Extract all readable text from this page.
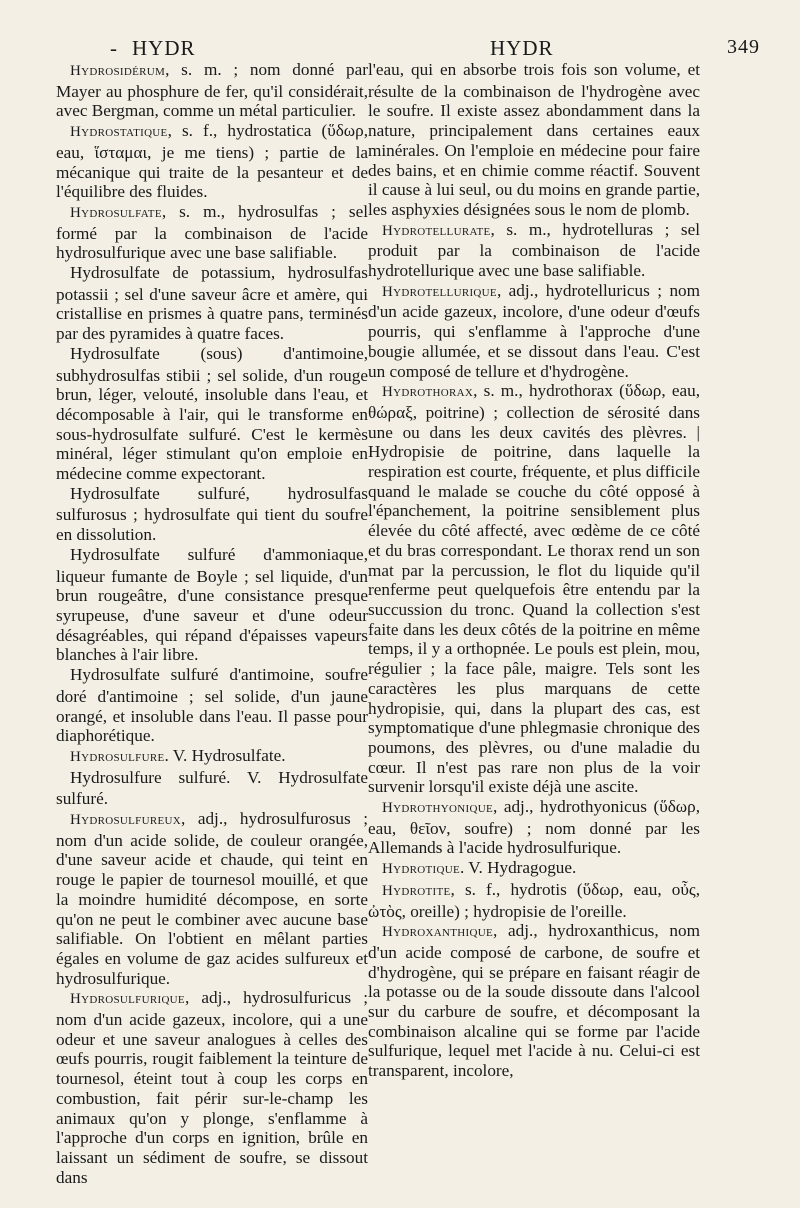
- HYDR	HYDR	349

Hydrosidérum, s. m. ; nom donné par Mayer au phosphure de fer, qu'il considérait, avec Bergman, comme un métal particulier.

Hydrostatique, s. f., hydrostatica (ὕδωρ, eau, ἵσταμαι, je me tiens) ; partie de la mécanique qui traite de la pesanteur et de l'équilibre des fluides.

Hydrosulfate, s. m., hydrosulfas ; sel formé par la combinaison de l'acide hydrosulfurique avec une base salifiable.

Hydrosulfate de potassium, hydrosulfas potassii ; sel d'une saveur âcre et amère, qui cristallise en prismes à quatre pans, terminés par des pyramides à quatre faces.

Hydrosulfate (sous) d'antimoine, subhydrosulfas stibii ; sel solide, d'un rouge brun, léger, velouté, insoluble dans l'eau, et décomposable à l'air, qui le transforme en sous-hydrosulfate sulfuré. C'est le kermès minéral, léger stimulant qu'on emploie en médecine comme expectorant.

Hydrosulfate sulfuré, hydrosulfas sulfurosus ; hydrosulfate qui tient du soufre en dissolution.

Hydrosulfate sulfuré d'ammoniaque, liqueur fumante de Boyle ; sel liquide, d'un brun rougeâtre, d'une consistance presque syrupeuse, d'une saveur et d'une odeur désagréables, qui répand d'épaisses vapeurs blanches à l'air libre.

Hydrosulfate sulfuré d'antimoine, soufre doré d'antimoine ; sel solide, d'un jaune orangé, et insoluble dans l'eau. Il passe pour diaphorétique.

Hydrosulfure. V. Hydrosulfate.

Hydrosulfure sulfuré. V. Hydrosulfate sulfuré.

Hydrosulfureux, adj., hydrosulfurosus ; nom d'un acide solide, de couleur orangée, d'une saveur acide et chaude, qui teint en rouge le papier de tournesol mouillé, et que la moindre humidité décompose, en sorte qu'on ne peut le combiner avec aucune base salifiable. On l'obtient en mêlant parties égales en volume de gaz acides sulfureux et hydrosulfurique.

Hydrosulfurique, adj., hydrosulfuricus ; nom d'un acide gazeux, incolore, qui a une odeur et une saveur analogues à celles des œufs pourris, rougit faiblement la teinture de tournesol, éteint tout à coup les corps en combustion, fait périr sur-le-champ les animaux qu'on y plonge, s'enflamme à l'approche d'un corps en ignition, brûle en laissant un sédiment de soufre, se dissout dans

l'eau, qui en absorbe trois fois son volume, et résulte de la combinaison de l'hydrogène avec le soufre. Il existe assez abondamment dans la nature, principalement dans certaines eaux minérales. On l'emploie en médecine pour faire des bains, et en chimie comme réactif. Souvent il cause à lui seul, ou du moins en grande partie, les asphyxies désignées sous le nom de plomb.

Hydrotellurate, s. m., hydrotelluras ; sel produit par la combinaison de l'acide hydrotellurique avec une base salifiable.

Hydrotellurique, adj., hydrotelluricus ; nom d'un acide gazeux, incolore, d'une odeur d'œufs pourris, qui s'enflamme à l'approche d'une bougie allumée, et se dissout dans l'eau. C'est un composé de tellure et d'hydrogène.

Hydrothorax, s. m., hydrothorax (ὕδωρ, eau, θώραξ, poitrine) ; collection de sérosité dans une ou dans les deux cavités des plèvres. | Hydropisie de poitrine, dans laquelle la respiration est courte, fréquente, et plus difficile quand le malade se couche du côté opposé à l'épanchement, la poitrine sensiblement plus élevée du côté affecté, avec œdème de ce côté et du bras correspondant. Le thorax rend un son mat par la percussion, le flot du liquide qu'il renferme peut quelquefois être entendu par la succussion du tronc. Quand la collection s'est faite dans les deux côtés de la poitrine en même temps, il y a orthopnée. Le pouls est plein, mou, régulier ; la face pâle, maigre. Tels sont les caractères les plus marquans de cette hydropisie, qui, dans la plupart des cas, est symptomatique d'une phlegmasie chronique des poumons, des plèvres, ou d'une maladie du cœur. Il n'est pas rare non plus de la voir survenir lorsqu'il existe déjà une ascite.

Hydrothyonique, adj., hydrothyonicus (ὕδωρ, eau, θεῖον, soufre) ; nom donné par les Allemands à l'acide hydrosulfurique.

Hydrotique. V. Hydragogue.

Hydrotite, s. f., hydrotis (ὕδωρ, eau, οὖς, ὠτὸς, oreille) ; hydropisie de l'oreille.

Hydroxanthique, adj., hydroxanthicus, nom d'un acide composé de carbone, de soufre et d'hydrogène, qui se prépare en faisant réagir de la potasse ou de la soude dissoute dans l'alcool sur du carbure de soufre, et décomposant la combinaison alcaline qui se forme par l'acide sulfurique, lequel met l'acide à nu. Celui-ci est transparent, incolore,
